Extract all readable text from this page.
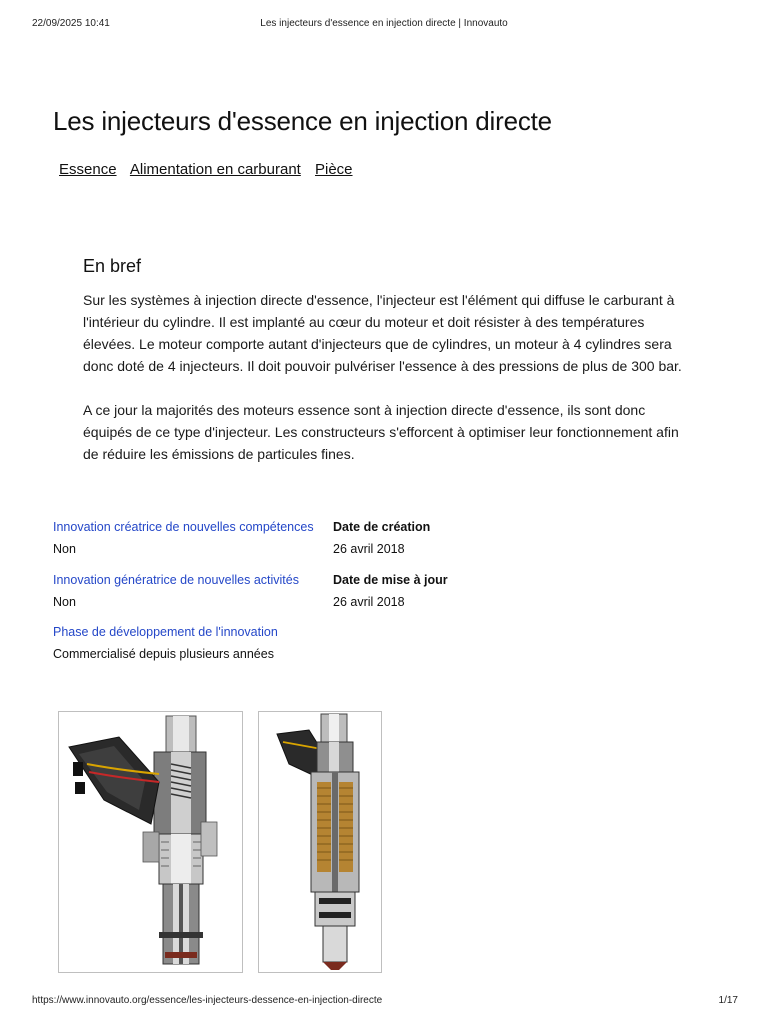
22/09/2025 10:41	Les injecteurs d'essence en injection directe | Innovauto
Les injecteurs d'essence en injection directe
Essence Alimentation en carburant Pièce
En bref

Sur les systèmes à injection directe d'essence, l'injecteur est l'élément qui diffuse le carburant à l'intérieur du cylindre. Il est implanté au cœur du moteur et doit résister à des températures élevées. Le moteur comporte autant d'injecteurs que de cylindres, un moteur à 4 cylindres sera donc doté de 4 injecteurs. Il doit pouvoir pulvériser l'essence à des pressions de plus de 300 bar.

A ce jour la majorités des moteurs essence sont à injection directe d'essence, ils sont donc équipés de ce type d'injecteur. Les constructeurs s'efforcent à optimiser leur fonctionnement afin de réduire les émissions de particules fines.

Innovation créatrice de nouvelles compétences
Non
Date de création
26 avril 2018
Innovation génératrice de nouvelles activités
Non
Date de mise à jour
26 avril 2018
Phase de développement de l'innovation
Commercialisé depuis plusieurs années
https://www.innovauto.org/essence/les-injecteurs-dessence-en-injection-directe	1/17
